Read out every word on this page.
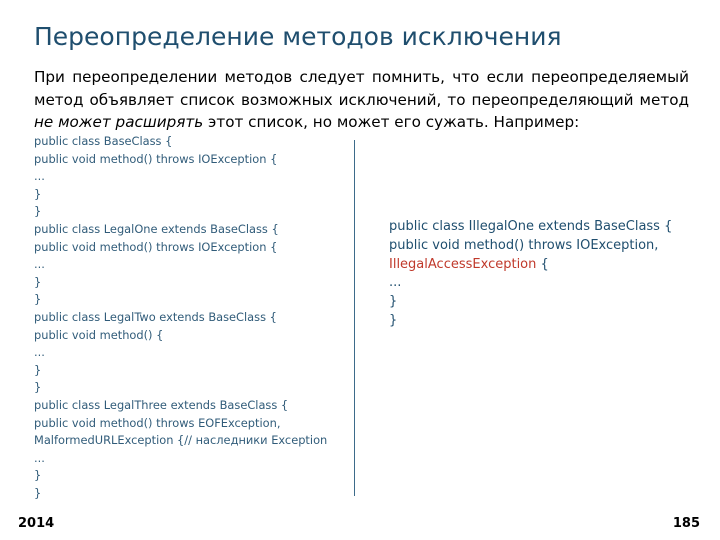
Переопределение методов исключения
При переопределении методов следует помнить, что если переопределяемый метод объявляет список возможных исключений, то переопределяющий метод не может расширять этот список, но может его сужать. Например:
public class BaseClass {
public void method() throws IOException {
...
}
}
public class LegalOne extends BaseClass {
public void method() throws IOException {
...
}
}
public class LegalTwo extends BaseClass {
public void method() {
...
}
}
public class LegalThree extends BaseClass {
public void method() throws EOFException,
MalformedURLException {// наследники Exception
...
}
}
public class IllegalOne extends BaseClass {
public void method() throws IOException, IllegalAccessException {
...
}
}
2014	185
